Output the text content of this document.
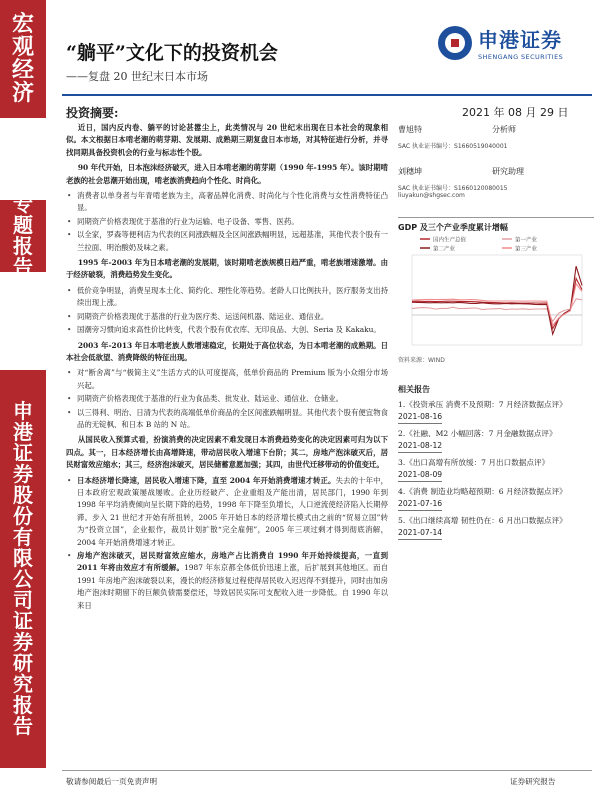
宏
观
经
济
专
题
报
告
申
港
证
券
股
份
有
限
公
司
证
券
研
究
报
告
“躺平”文化下的投资机会
——复盘 20 世纪末日本市场
申港证券
SHENGANG SECURITIES
投资摘要:	2021 年 08 月 29 日

近日，国内反内卷、躺平的讨论甚嚣尘上，此类情况与 20 世纪末出现在日本社会的现象相似。本文根据日本啃老潮的萌芽期、发展期、成熟期三期复盘日本市场，对其特征进行分析，并寻找同期具备投资机会的行业与标志性个股。

90 年代开始，日本泡沫经济破灭，进入日本啃老潮的萌芽期（1990 年-1995 年）。该时期啃老族的社会思潮开始出现，啃老族消费趋向个性化、时尚化。

• 消费者以单身者与年青啃老族为主，高奢品牌化消费、时尚化与个性化消费与女性消费特征凸显。
• 同期资产价格表现优于基准的行业为运输、电子设备、零售、医药。
• 以全家，罗森等便利店为代表的区间涨跌幅及全区间涨跌幅明显，远超基准，其他代表个股有一兰拉面、明治酸奶及味之素。

1995 年-2003 年为日本啃老潮的发展期，该时期啃老族规模日趋严重，啃老族增速激增。由于经济破裂，消费趋势发生变化。

• 低价竞争明显，消费呈现本土化、简约化、理性化等趋势。老龄人口比例扶升，医疗服务支出持续出现上涨。
• 同期资产价格表现优于基准的行业为医疗类、运送间机器、陆运业、通信业。
• 国潮旁习惯向追求高性价比转变，代表个股有优衣库、无印良品、大创、Seria 及 Kakaku。

2003 年-2013 年日本啃老族人数增速稳定，长期处于高位状态，为日本啃老潮的成熟期。日本社会低欲望、消费降级的特征出现。

• 对“断舍离”与“极简主义”生活方式的认可度提高，低单价商品的 Premium 版为小众细分市场兴起。
• 同期资产价格表现优于基准的行业为食品类、批发业、陆运业、通信业、仓储业。
• 以三得利、明治、日清为代表的高端低单价商品的全区间涨跌幅明显。其他代表个股有便宜物食品的无锭枫、和日本 B 站的 N 站。

从国民收入预算式看，扮演消费的决定因素不难发现日本消费趋势变化的决定因素可归为以下四点。其一，日本经济增长由高增降速，带动居民收入增速下台阶；其二，房地产泡沫破灭后，居民财富效应缩水；其三，经济泡沫破灭，居民储蓄意愿加强；其四，由世代迁移带动的价值变迁。

• 日本经济增长降速，居民收入增速下降，直至 2004 年开始消费增速才转正。失去的十年中，日本政府宏观政策屡战屡败。企业历经破产、企业重组及产能出清，居民部门，1990 年到 1998 年平均消费倾向呈长期下降的趋势，1998 年下降至负增长，人口逆流使经济陷入长期停滞。步入 21 世纪才开始有所扭转，2005 年开始日本的经济增长模式由之前的“贸易立国”转为“投资立国”，企业振作，裁员计划扩散“完全雇佣”，2005 年三项过剩才得到彻底消解，2004 年开始消费增速才转正。
• 房地产泡沫破灭，居民财富效应缩水，房地产占比消费自 1990 年开始持续提高，一直到 2011 年将由效应才有所缓解。1987 年东京都全体低价迅速上涨，后扩展到其他地区。而自 1991 年房地产泡沫破裂以来，漫长的经济修复过程使得居民收入迟迟得不到提升，同时由加房地产泡沫时期留下的巨额负债需要偿还，导致居民实际可支配收入进一步降低。自 1990 年以来日
曹旭特	分析师
SAC 执业证书编号：S1660519040001
刘穗坤	研究助理
SAC 执业证书编号：S1660120080015
liuyakun@shgsec.com
GDP 及三个产业季度累计增幅
国内生产总值	第一产业
第二产业	第三产业
资料来源：WIND
相关报告
1.《投资承压 消费不及预期：7 月经济数据点评》
2021-08-16
2.《社融、M2 小幅回落：7 月金融数据点评》
2021-08-12
3.《出口高增有所放缓：7 月出口数据点评》
2021-08-09
4.《消费 制造业均略超预期：6 月经济数据点评》
2021-07-16
5.《出口继续高增 韧性仍在：6 月出口数据点评》
2021-07-14
敬请参阅最后一页免责声明	证券研究报告
